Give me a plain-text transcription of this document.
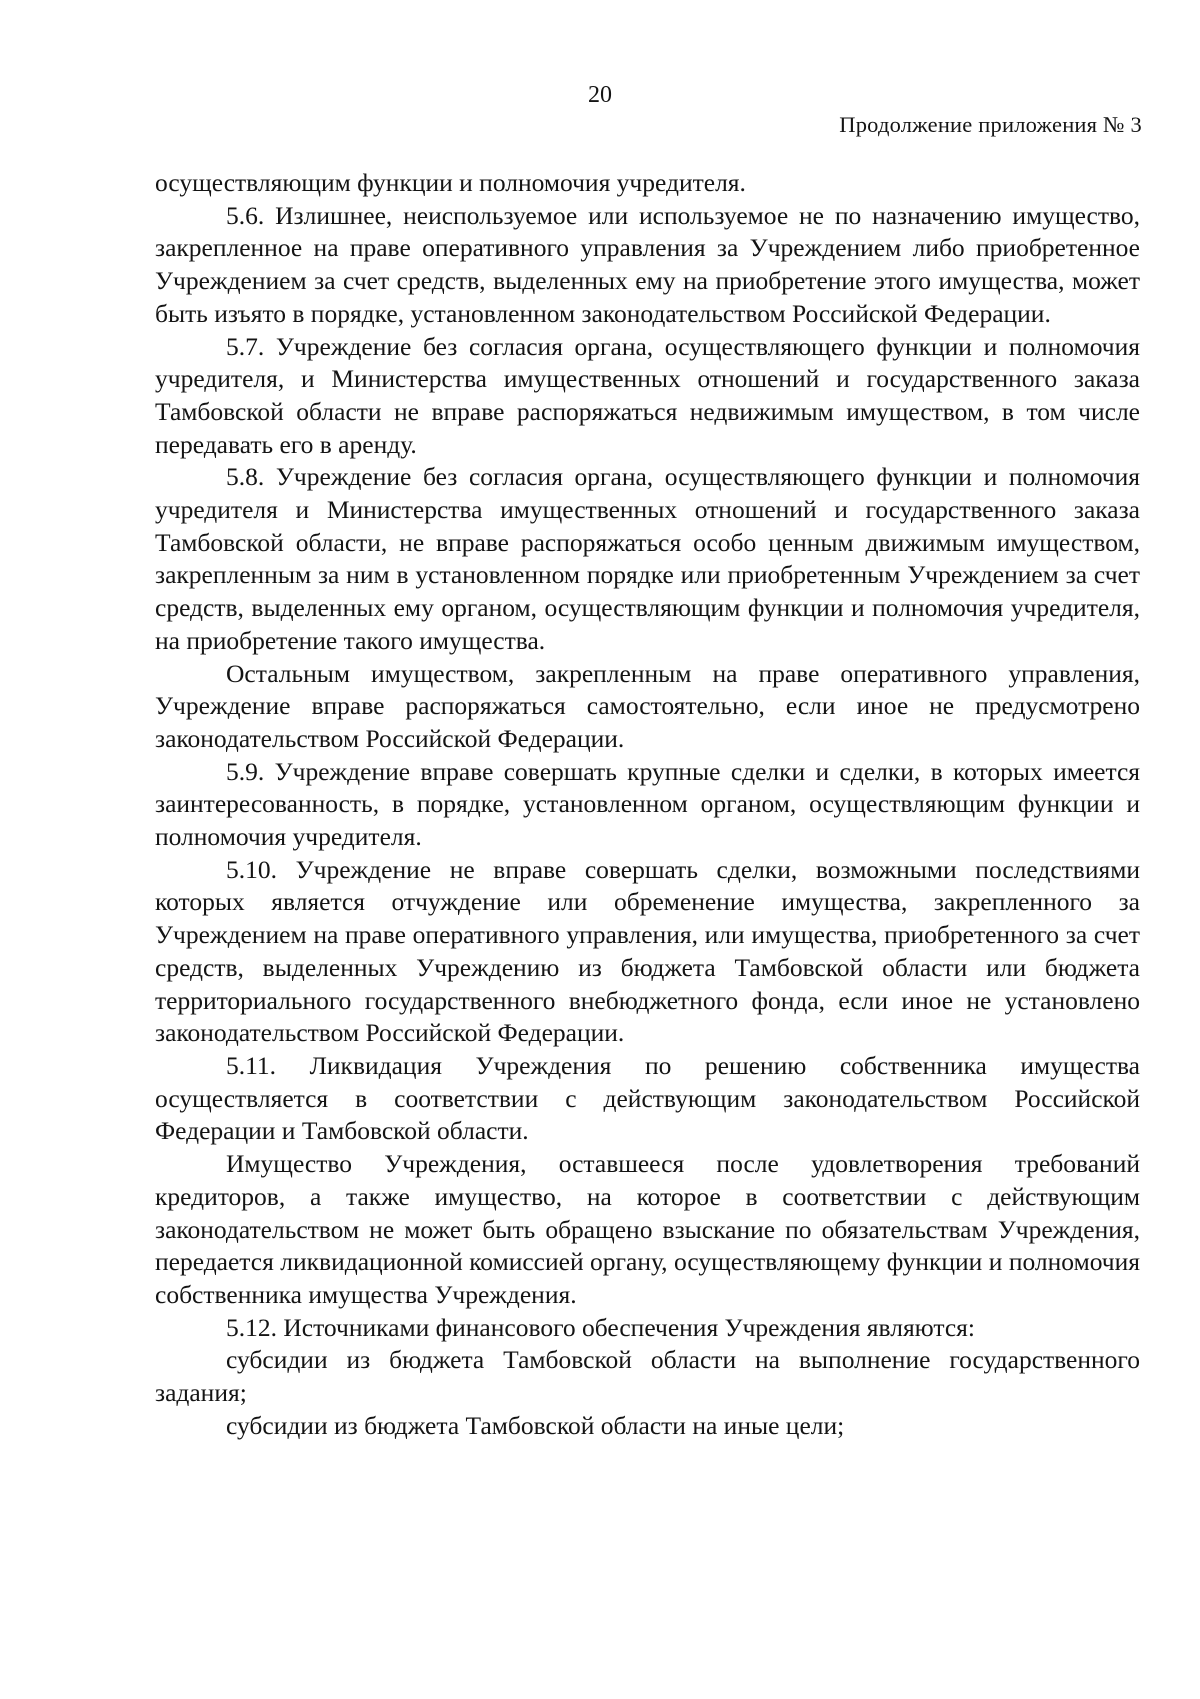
20
Продолжение приложения № 3

осуществляющим функции и полномочия учредителя.

5.6. Излишнее, неиспользуемое или используемое не по назначению имущество, закрепленное на праве оперативного управления за Учреждением либо приобретенное Учреждением за счет средств, выделенных ему на приобретение этого имущества, может быть изъято в порядке, установленном законодательством Российской Федерации.

5.7. Учреждение без согласия органа, осуществляющего функции и полномочия учредителя, и Министерства имущественных отношений и государственного заказа Тамбовской области не вправе распоряжаться недвижимым имуществом, в том числе передавать его в аренду.

5.8. Учреждение без согласия органа, осуществляющего функции и полномочия учредителя и Министерства имущественных отношений и государственного заказа Тамбовской области, не вправе распоряжаться особо ценным движимым имуществом, закрепленным за ним в установленном порядке или приобретенным Учреждением за счет средств, выделенных ему органом, осуществляющим функции и полномочия учредителя, на приобретение такого имущества.

Остальным имуществом, закрепленным на праве оперативного управления, Учреждение вправе распоряжаться самостоятельно, если иное не предусмотрено законодательством Российской Федерации.

5.9. Учреждение вправе совершать крупные сделки и сделки, в которых имеется заинтересованность, в порядке, установленном органом, осуществляющим функции и полномочия учредителя.

5.10. Учреждение не вправе совершать сделки, возможными последствиями которых является отчуждение или обременение имущества, закрепленного за Учреждением на праве оперативного управления, или имущества, приобретенного за счет средств, выделенных Учреждению из бюджета Тамбовской области или бюджета территориального государственного внебюджетного фонда, если иное не установлено законодательством Российской Федерации.

5.11. Ликвидация Учреждения по решению собственника имущества осуществляется в соответствии с действующим законодательством Российской Федерации и Тамбовской области.

Имущество Учреждения, оставшееся после удовлетворения требований кредиторов, а также имущество, на которое в соответствии с действующим законодательством не может быть обращено взыскание по обязательствам Учреждения, передается ликвидационной комиссией органу, осуществляющему функции и полномочия собственника имущества Учреждения.

5.12. Источниками финансового обеспечения Учреждения являются:

субсидии из бюджета Тамбовской области на выполнение государственного задания;

субсидии из бюджета Тамбовской области на иные цели;
